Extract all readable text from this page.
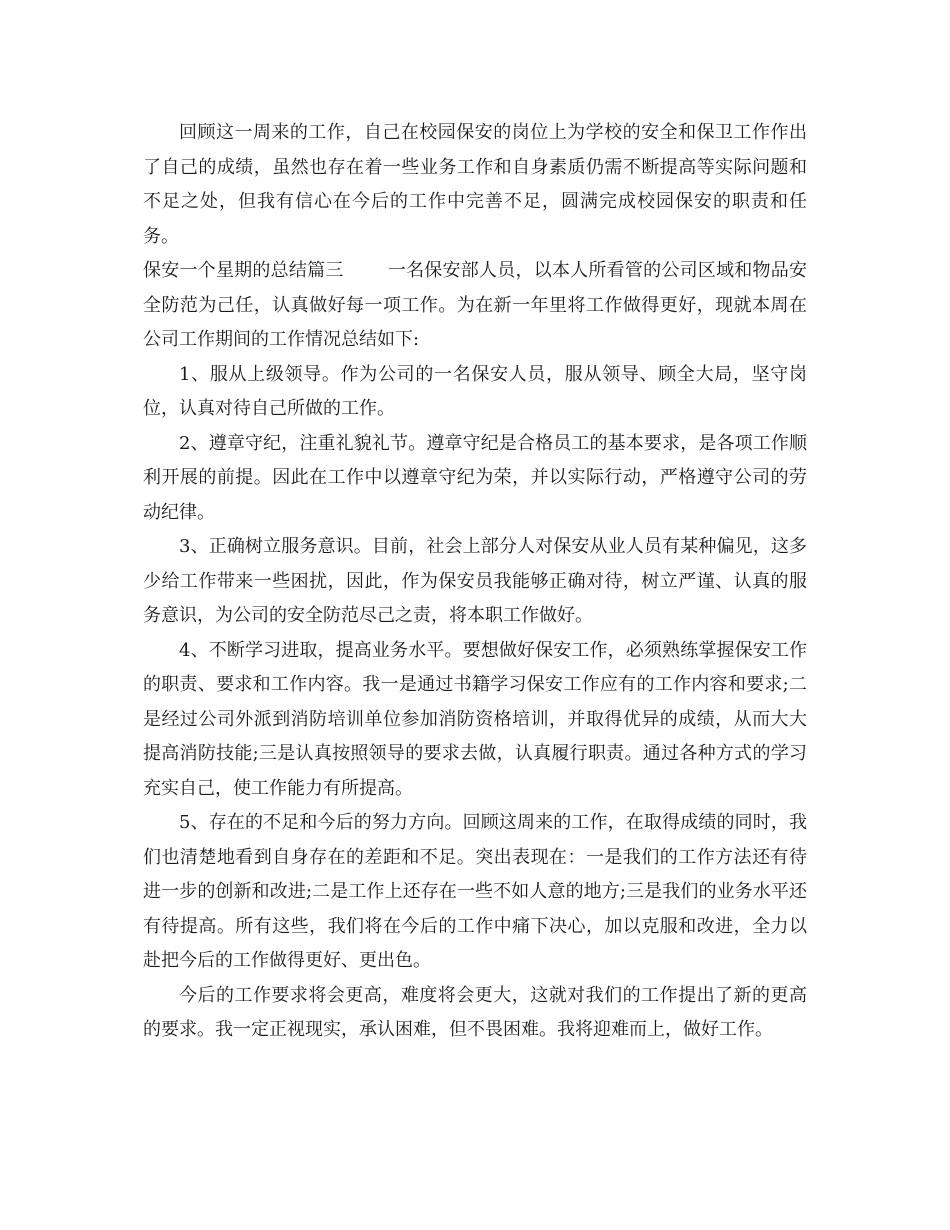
回顾这一周来的工作，自己在校园保安的岗位上为学校的安全和保卫工作作出了自己的成绩，虽然也存在着一些业务工作和自身素质仍需不断提高等实际问题和不足之处，但我有信心在今后的工作中完善不足，圆满完成校园保安的职责和任务。

保安一个星期的总结篇三 一名保安部人员，以本人所看管的公司区域和物品安全防范为己任，认真做好每一项工作。为在新一年里将工作做得更好，现就本周在公司工作期间的工作情况总结如下:

1、服从上级领导。作为公司的一名保安人员，服从领导、顾全大局，坚守岗位，认真对待自己所做的工作。

2、遵章守纪，注重礼貌礼节。遵章守纪是合格员工的基本要求，是各项工作顺利开展的前提。因此在工作中以遵章守纪为荣，并以实际行动，严格遵守公司的劳动纪律。

3、正确树立服务意识。目前，社会上部分人对保安从业人员有某种偏见，这多少给工作带来一些困扰，因此，作为保安员我能够正确对待，树立严谨、认真的服务意识，为公司的安全防范尽己之责，将本职工作做好。

4、不断学习进取，提高业务水平。要想做好保安工作，必须熟练掌握保安工作的职责、要求和工作内容。我一是通过书籍学习保安工作应有的工作内容和要求;二是经过公司外派到消防培训单位参加消防资格培训，并取得优异的成绩，从而大大提高消防技能;三是认真按照领导的要求去做，认真履行职责。通过各种方式的学习充实自己，使工作能力有所提高。

5、存在的不足和今后的努力方向。回顾这周来的工作，在取得成绩的同时，我们也清楚地看到自身存在的差距和不足。突出表现在：一是我们的工作方法还有待进一步的创新和改进;二是工作上还存在一些不如人意的地方;三是我们的业务水平还有待提高。所有这些，我们将在今后的工作中痛下决心，加以克服和改进，全力以赴把今后的工作做得更好、更出色。

今后的工作要求将会更高，难度将会更大，这就对我们的工作提出了新的更高的要求。我一定正视现实，承认困难，但不畏困难。我将迎难而上，做好工作。
